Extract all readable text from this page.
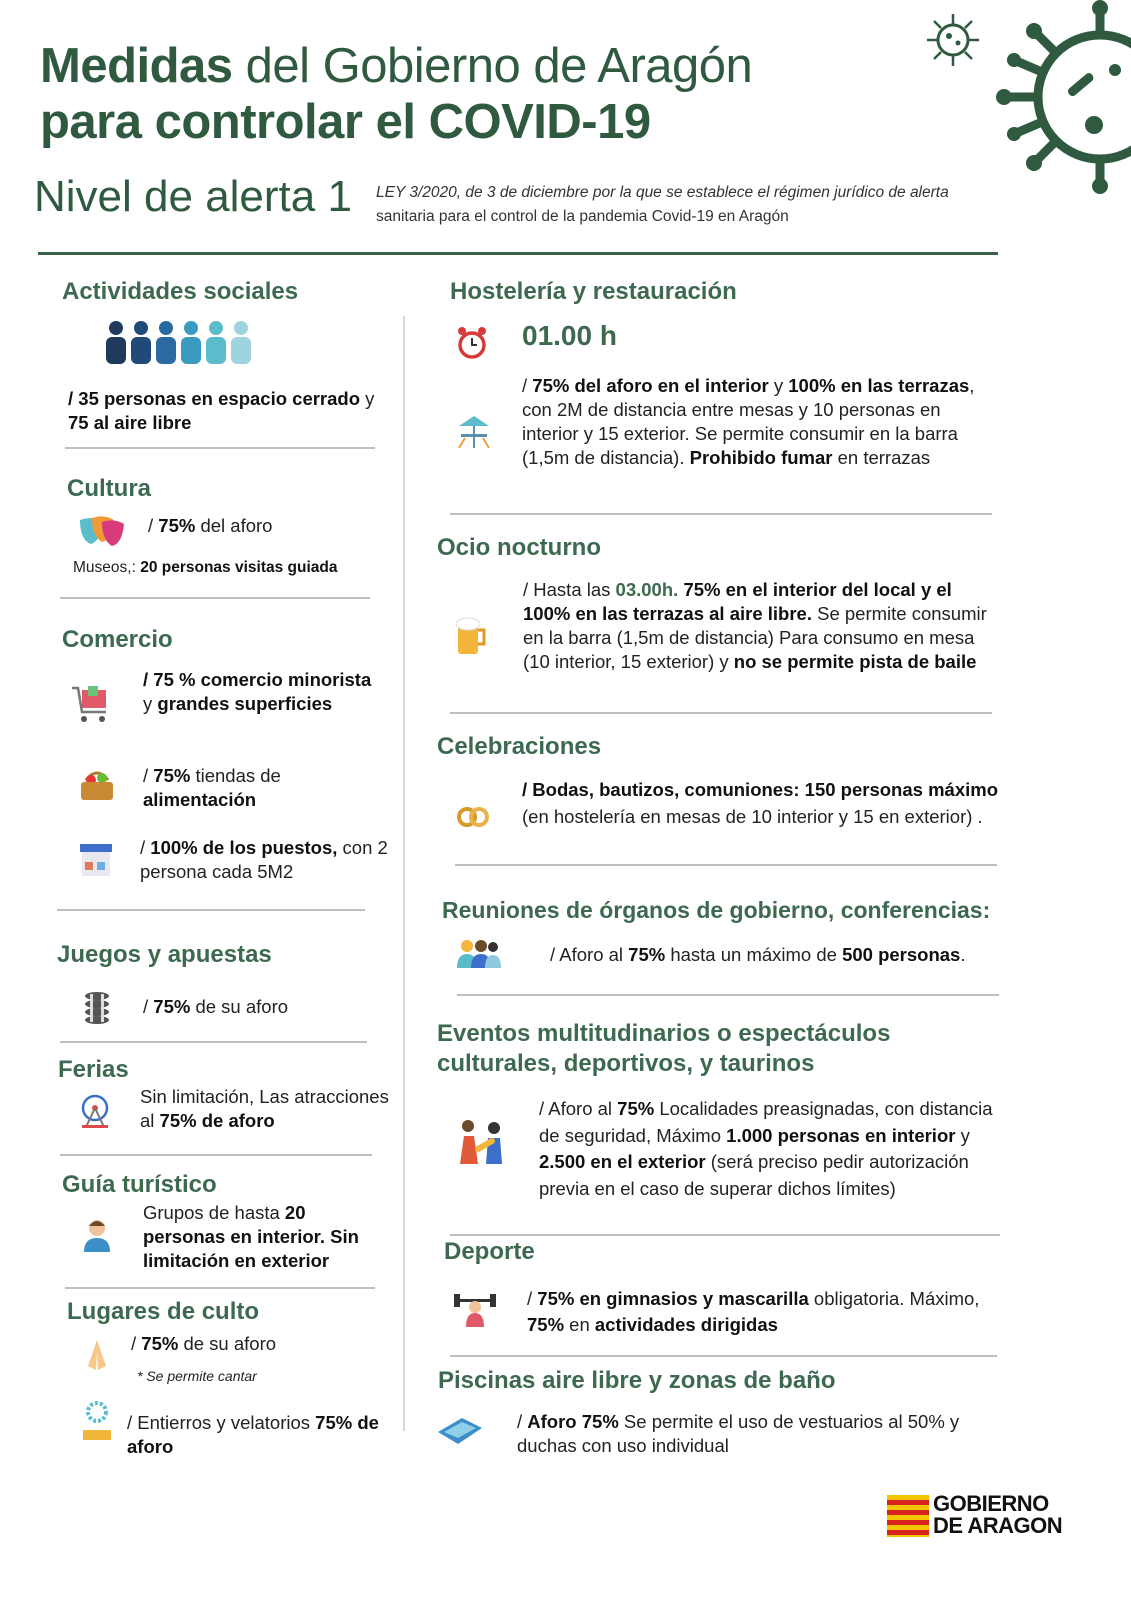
Medidas del Gobierno de Aragón
para controlar el COVID-19
Nivel de alerta 1 LEY 3/2020, de 3 de diciembre por la que se establece el régimen jurídico de alerta sanitaria para el control de la pandemia Covid-19 en Aragón
Actividades sociales
/ 35 personas en espacio cerrado y 75 al aire libre
Cultura
/ 75% del aforo
Museos,: 20 personas visitas guiada
Comercio
/ 75 % comercio minorista y grandes superficies
/ 75% tiendas de alimentación
/ 100% de los puestos, con 2 persona cada 5M2
Juegos y apuestas
/ 75% de su aforo
Ferias
Sin limitación, Las atracciones al 75% de aforo
Guía turístico
Grupos de hasta 20 personas en interior. Sin limitación en exterior
Lugares de culto
/ 75% de su aforo
* Se permite cantar
/ Entierros y velatorios 75% de aforo
Hostelería y restauración
01.00 h
/ 75% del aforo en el interior y 100% en las terrazas, con 2M de distancia entre mesas y 10 personas en interior y 15 exterior. Se permite consumir en la barra (1,5m de distancia). Prohibido fumar en terrazas
Ocio nocturno
/ Hasta las 03.00h. 75% en el interior del local y el 100% en las terrazas al aire libre. Se permite consumir en la barra (1,5m de distancia) Para consumo en mesa (10 interior, 15 exterior) y no se permite pista de baile
Celebraciones
/ Bodas, bautizos, comuniones: 150 personas máximo (en hostelería en mesas de 10 interior y 15 en exterior) .
Reuniones de órganos de gobierno, conferencias:
/ Aforo al 75% hasta un máximo de 500 personas.
Eventos multitudinarios o espectáculos culturales, deportivos, y taurinos
/ Aforo al 75% Localidades preasignadas, con distancia de seguridad, Máximo 1.000 personas en interior y 2.500 en el exterior (será preciso pedir autorización previa en el caso de superar dichos límites)
Deporte
/ 75% en gimnasios y mascarilla obligatoria. Máximo, 75% en actividades dirigidas
Piscinas aire libre y zonas de baño
/ Aforo 75% Se permite el uso de vestuarios al 50% y duchas con uso individual
GOBIERNO
DE ARAGON
